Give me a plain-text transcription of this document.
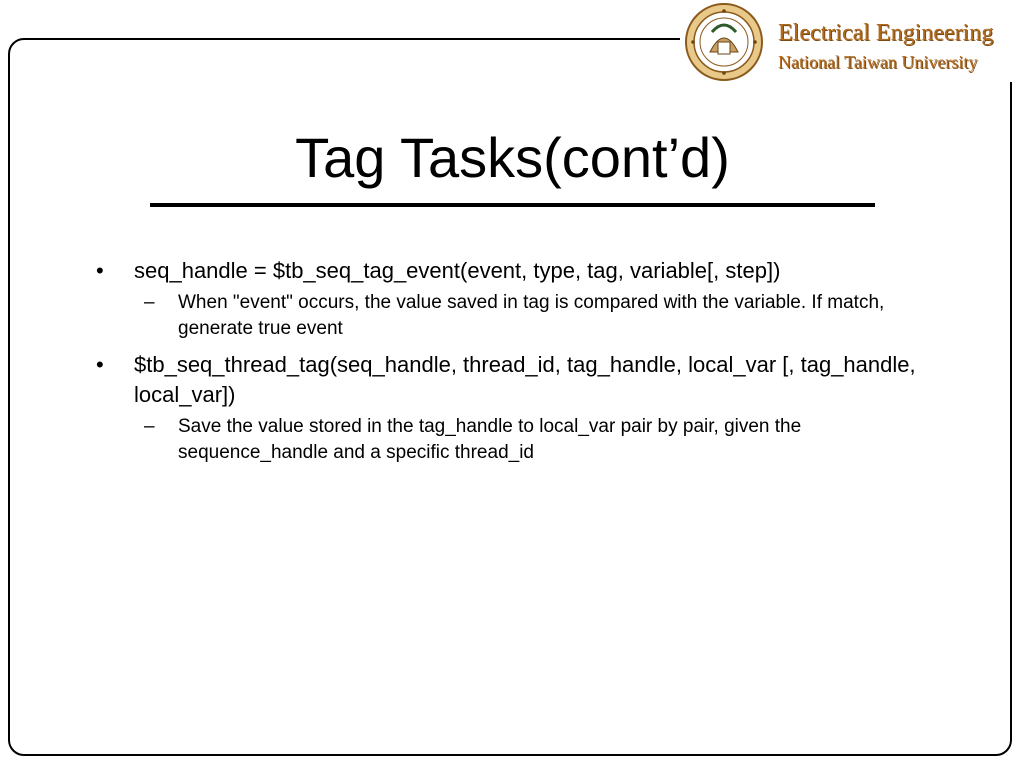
Electrical Engineering
National Taiwan University
Tag Tasks(cont’d)
• seq_handle = $tb_seq_tag_event(event, type, tag, variable[, step])
– When "event" occurs, the value saved in tag is compared with the variable. If match, generate true event
• $tb_seq_thread_tag(seq_handle, thread_id, tag_handle, local_var [, tag_handle, local_var])
– Save the value stored in the tag_handle to local_var pair by pair, given the sequence_handle and a specific thread_id
